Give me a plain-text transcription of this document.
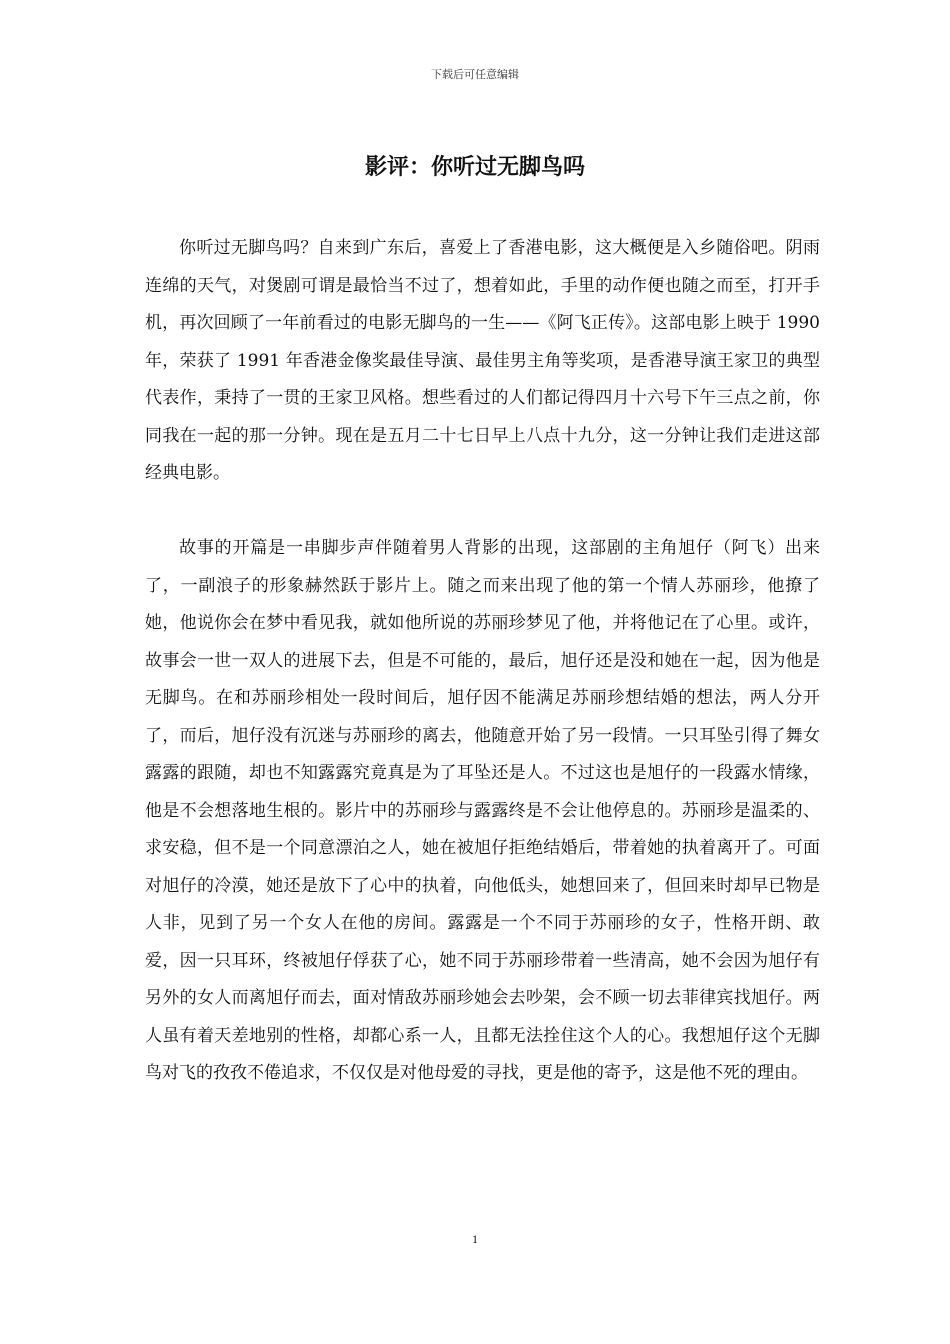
下载后可任意编辑
影评：你听过无脚鸟吗

你听过无脚鸟吗？自来到广东后，喜爱上了香港电影，这大概便是入乡随俗吧。阴雨连绵的天气，对煲剧可谓是最恰当不过了，想着如此，手里的动作便也随之而至，打开手机，再次回顾了一年前看过的电影无脚鸟的一生——《阿飞正传》。这部电影上映于 1990 年，荣获了 1991 年香港金像奖最佳导演、最佳男主角等奖项，是香港导演王家卫的典型代表作，秉持了一贯的王家卫风格。想些看过的人们都记得四月十六号下午三点之前，你同我在一起的那一分钟。现在是五月二十七日早上八点十九分，这一分钟让我们走进这部经典电影。

故事的开篇是一串脚步声伴随着男人背影的出现，这部剧的主角旭仔（阿飞）出来了，一副浪子的形象赫然跃于影片上。随之而来出现了他的第一个情人苏丽珍，他撩了她，他说你会在梦中看见我，就如他所说的苏丽珍梦见了他，并将他记在了心里。或许，故事会一世一双人的进展下去，但是不可能的，最后，旭仔还是没和她在一起，因为他是无脚鸟。在和苏丽珍相处一段时间后，旭仔因不能满足苏丽珍想结婚的想法，两人分开了，而后，旭仔没有沉迷与苏丽珍的离去，他随意开始了另一段情。一只耳坠引得了舞女露露的跟随，却也不知露露究竟真是为了耳坠还是人。不过这也是旭仔的一段露水情缘，他是不会想落地生根的。影片中的苏丽珍与露露终是不会让他停息的。苏丽珍是温柔的、求安稳，但不是一个同意漂泊之人，她在被旭仔拒绝结婚后，带着她的执着离开了。可面对旭仔的冷漠，她还是放下了心中的执着，向他低头，她想回来了，但回来时却早已物是人非，见到了另一个女人在他的房间。露露是一个不同于苏丽珍的女子，性格开朗、敢爱，因一只耳环，终被旭仔俘获了心，她不同于苏丽珍带着一些清高，她不会因为旭仔有另外的女人而离旭仔而去，面对情敌苏丽珍她会去吵架，会不顾一切去菲律宾找旭仔。两人虽有着天差地别的性格，却都心系一人，且都无法拴住这个人的心。我想旭仔这个无脚鸟对飞的孜孜不倦追求，不仅仅是对他母爱的寻找，更是他的寄予，这是他不死的理由。

1
